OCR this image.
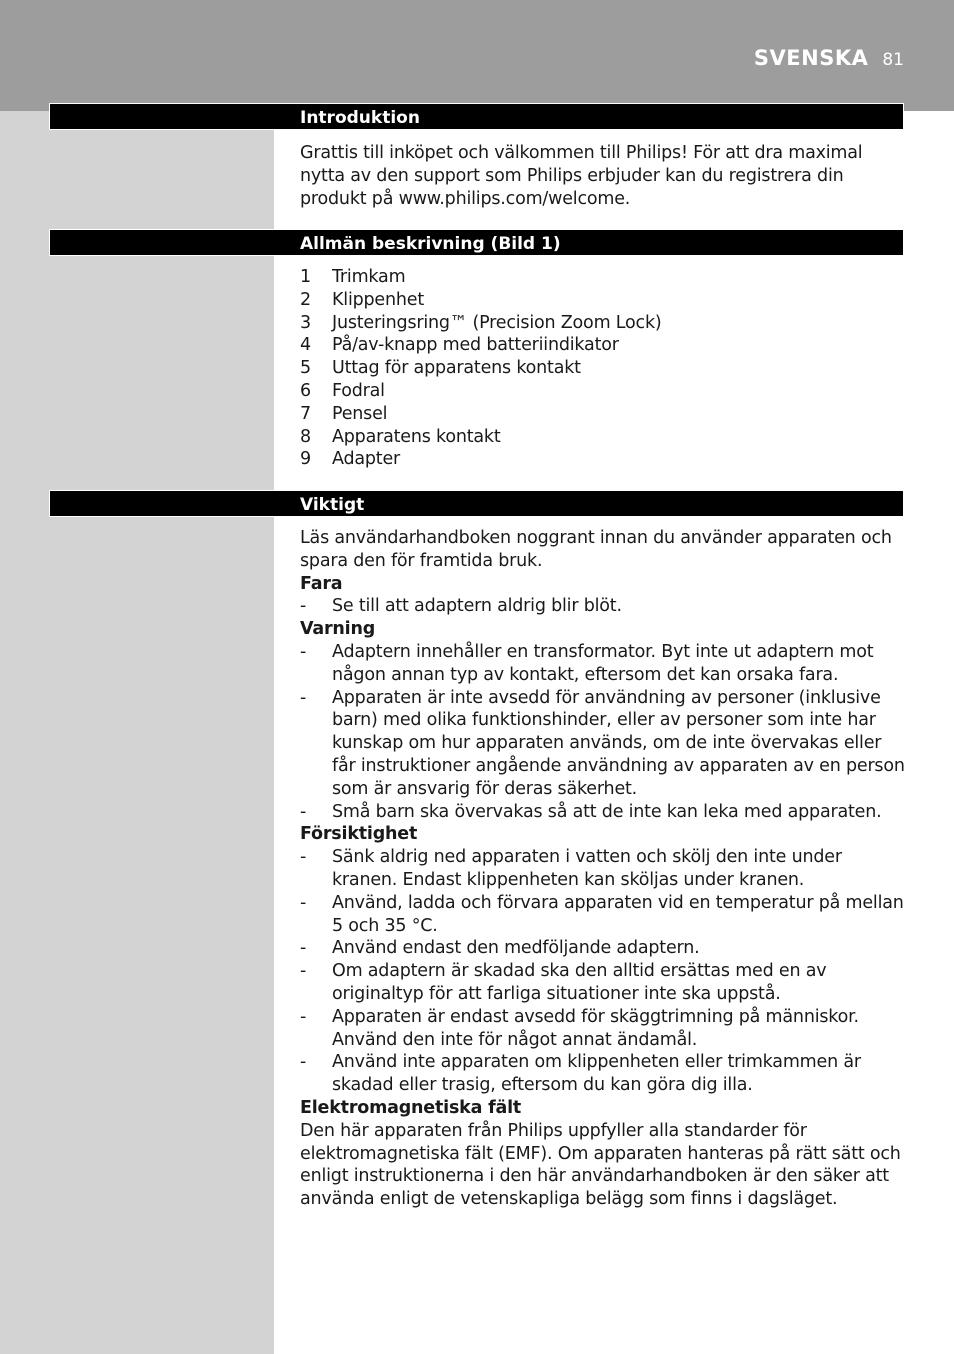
SVENSKA 81
Introduktion

Grattis till inköpet och välkommen till Philips! För att dra maximal nytta av den support som Philips erbjuder kan du registrera din produkt på www.philips.com/welcome.

Allmän beskrivning (Bild 1)
1 Trimkam
2 Klippenhet
3 Justeringsring™ (Precision Zoom Lock)
4 På/av-knapp med batteriindikator
5 Uttag för apparatens kontakt
6 Fodral
7 Pensel
8 Apparatens kontakt
9 Adapter
Viktigt

Läs användarhandboken noggrant innan du använder apparaten och spara den för framtida bruk.

Fara

- Se till att adaptern aldrig blir blöt.

Varning

- Adaptern innehåller en transformator. Byt inte ut adaptern mot någon annan typ av kontakt, eftersom det kan orsaka fara.
- Apparaten är inte avsedd för användning av personer (inklusive barn) med olika funktionshinder, eller av personer som inte har kunskap om hur apparaten används, om de inte övervakas eller får instruktioner angående användning av apparaten av en person som är ansvarig för deras säkerhet.
- Små barn ska övervakas så att de inte kan leka med apparaten.

Försiktighet

- Sänk aldrig ned apparaten i vatten och skölj den inte under kranen. Endast klippenheten kan sköljas under kranen.
- Använd, ladda och förvara apparaten vid en temperatur på mellan 5 och 35 °C.
- Använd endast den medföljande adaptern.
- Om adaptern är skadad ska den alltid ersättas med en av originaltyp för att farliga situationer inte ska uppstå.
- Apparaten är endast avsedd för skäggtrimning på människor. Använd den inte för något annat ändamål.
- Använd inte apparaten om klippenheten eller trimkammen är skadad eller trasig, eftersom du kan göra dig illa.

Elektromagnetiska fält

Den här apparaten från Philips uppfyller alla standarder för elektromagnetiska fält (EMF). Om apparaten hanteras på rätt sätt och enligt instruktionerna i den här användarhandboken är den säker att använda enligt de vetenskapliga belägg som finns i dagsläget.
